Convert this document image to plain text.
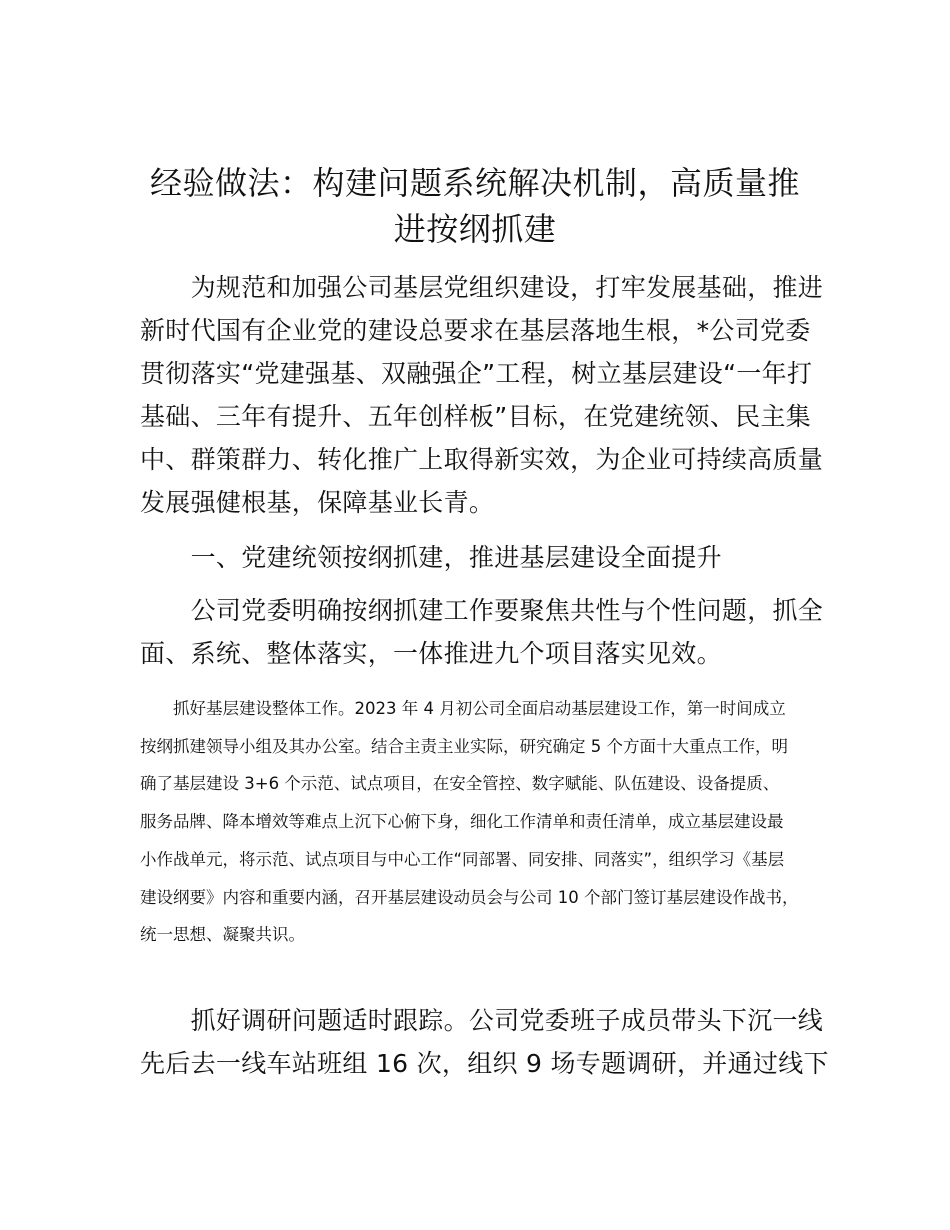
经验做法：构建问题系统解决机制，高质量推
进按纲抓建
　　为规范和加强公司基层党组织建设，打牢发展基础，推进
新时代国有企业党的建设总要求在基层落地生根，*公司党委
贯彻落实“党建强基、双融强企”工程，树立基层建设“一年打
基础、三年有提升、五年创样板”目标，在党建统领、民主集
中、群策群力、转化推广上取得新实效，为企业可持续高质量
发展强健根基，保障基业长青。
　　一、党建统领按纲抓建，推进基层建设全面提升
　　公司党委明确按纲抓建工作要聚焦共性与个性问题，抓全
面、系统、整体落实，一体推进九个项目落实见效。
　　抓好基层建设整体工作。2023 年 4 月初公司全面启动基层建设工作，第一时间成立
按纲抓建领导小组及其办公室。结合主责主业实际，研究确定 5 个方面十大重点工作，明
确了基层建设 3+6 个示范、试点项目，在安全管控、数字赋能、队伍建设、设备提质、
服务品牌、降本增效等难点上沉下心俯下身，细化工作清单和责任清单，成立基层建设最
小作战单元，将示范、试点项目与中心工作“同部署、同安排、同落实”，组织学习《基层
建设纲要》内容和重要内涵，召开基层建设动员会与公司 10 个部门签订基层建设作战书，
统一思想、凝聚共识。
　　抓好调研问题适时跟踪。公司党委班子成员带头下沉一线
先后去一线车站班组 16 次，组织 9 场专题调研，并通过线下
